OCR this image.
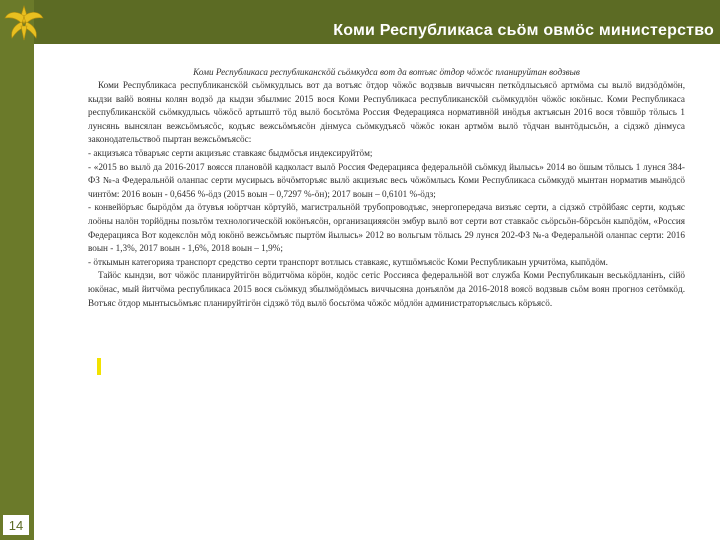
Коми Республикаса сьӧм овмӧс министерство

Коми Республикаса республиканскӧй сьӧмкудса вот да вотъяс ӧтдор чӧжӧс планируйтан водзвыв

Коми Республикаса республиканскӧй сьӧмкудлысь вот да вотъяс ӧтдор чӧжӧс водзвыв виччысян петкӧдлысьясӧ артмӧма сы вылӧ видзӧдӧмӧн, кыдзи вайӧ вояны колян водзӧ да кыдзи збылмис 2015 вося Коми Республикаса республиканскӧй сьӧмкудлӧн чӧжӧс юкӧныс. Коми Республикаса республиканскӧй сьӧмкудлысь чӧжӧсӧ артыштӧ тӧд вылӧ босьтӧма Россия Федерацияса нормативнӧй инӧдъя актъясын 2016 вося тӧвшӧр тӧлысь 1 лунсянь вынсялан вежсьӧмъясӧс, кодъяс вежсьӧмъясӧн дінмуса сьӧмкудъясӧ чӧжӧс юкан артмӧм вылӧ тӧдчан вынтӧдысьӧн, а сідзжӧ дінмуса законодательствоӧ пыртан вежсьӧмъясӧс:

- акцизъяса тӧваръяс серти акцизъяс ставкаяс быдмӧсъя индексируйтӧм;

- «2015 во вылӧ да 2016-2017 воясся плановӧй кадколаст вылӧ Россия Федерацияса федеральнӧй сьӧмкуд йылысь» 2014 во ӧшым тӧлысь 1 лунся 384-ФЗ №-а Федеральнӧй оланпас серти мусирысь вӧчӧмторъяс вылӧ акцизъяс весь чӧжӧмлысь Коми Республикаса сьӧмкудӧ мынтан норматив мынӧдсӧ чинтӧм: 2016 воын - 0,6456 %-ӧдз (2015 воын – 0,7297 %-ӧн); 2017 воын – 0,6101 %-ӧдз;

- конвейӧръяс бырӧдӧм да ӧтувъя юӧртчан кӧртуйӧ, магистральнӧй трубопроводъяс, энергопередача визъяс серти, а сідзжӧ стрӧйбаяс серти, кодъяс лоӧны налӧн торйӧдны позьтӧм технологическӧй юкӧнъясӧн, организацияясӧн эмбур вылӧ вот серти вот ставкаӧс сьӧрсьӧн-бӧрсьӧн кыпӧдӧм, «Россия Федерацияса Вот кодекслӧн мӧд юкӧнӧ вежсьӧмъяс пыртӧм йылысь» 2012 во вольгым тӧлысь 29 лунся 202-ФЗ №-а Федеральнӧй оланпас серти: 2016 воын - 1,3%, 2017 воын - 1,6%, 2018 воын – 1,9%;

- ӧткымын категорияа транспорт средство серти транспорт вотлысь ставкаяс, кутшӧмъясӧс Коми Республикаын урчитӧма, кыпӧдӧм.

Тайӧс кындзи, вот чӧжӧс планируйтігӧн вӧдитчӧма кӧрӧн, кодӧс сетіс Россияса федеральнӧй вот служба Коми Республикаын веськӧдланінъ, сійӧ юкӧнас, мый йитчӧма республикаса 2015 вося сьӧмкуд збылмӧдӧмысь виччысяна донъялӧм да 2016-2018 воясӧ водзвыв сьӧм воян прогноз сетӧмкӧд. Вотъяс ӧтдор мынтысьӧмъяс планируйтігӧн сідзжӧ тӧд вылӧ босьтӧма чӧжӧс мӧдлӧн администраторъяслысь кӧръясӧ.

14
